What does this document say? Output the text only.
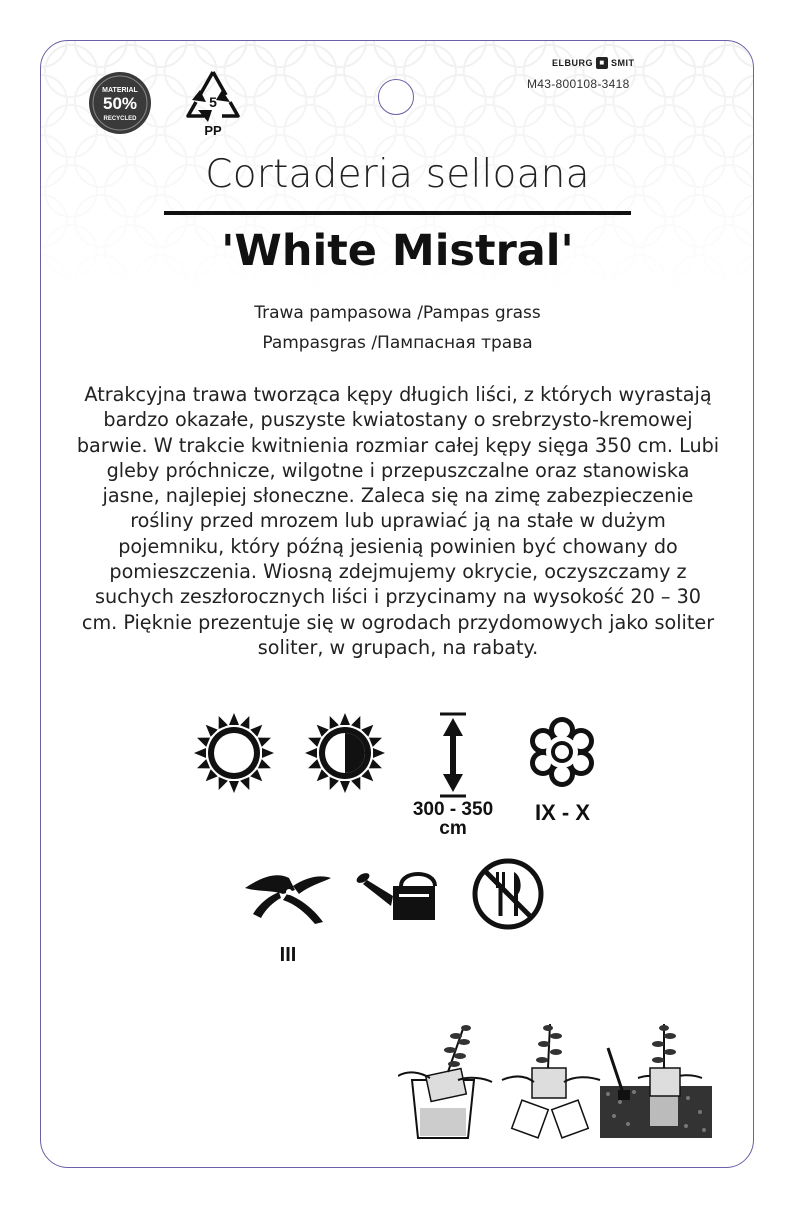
MATERIAL
50%
RECYCLED
5
PP
ELBURG ■ SMIT
M43-800108-3418
Cortaderia selloana
'White Mistral'
Trawa pampasowa /Pampas grass
Pampasgras /Пампасная трава
Atrakcyjna trawa tworząca kępy długich liści, z których wyrastają
bardzo okazałe, puszyste kwiatostany o srebrzysto-kremowej
barwie. W trakcie kwitnienia rozmiar całej kępy sięga 350 cm. Lubi
gleby próchnicze, wilgotne i przepuszczalne oraz stanowiska
jasne, najlepiej słoneczne. Zaleca się na zimę zabezpieczenie
rośliny przed mrozem lub uprawiać ją na stałe w dużym
pojemniku, który późną jesienią powinien być chowany do
pomieszczenia. Wiosną zdejmujemy okrycie, oczyszczamy z
suchych zeszłorocznych liści i przycinamy na wysokość 20 – 30
cm. Pięknie prezentuje się w ogrodach przydomowych jako soliter
soliter, w grupach, na rabaty.
300 - 350
cm
IX - X
III
